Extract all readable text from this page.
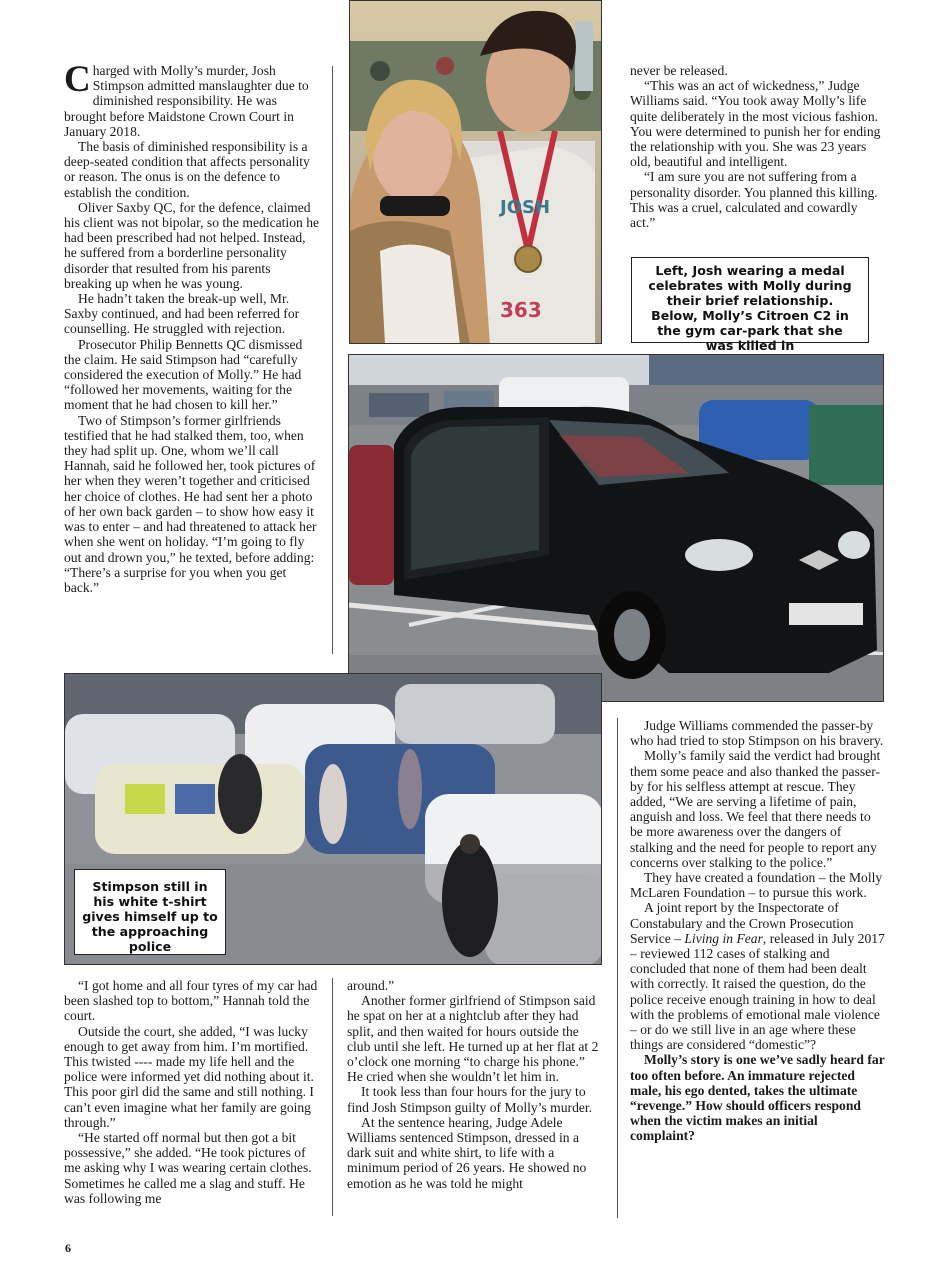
Charged with Molly’s murder, Josh Stimpson admitted manslaughter due to diminished responsibility. He was brought before Maidstone Crown Court in January 2018.

The basis of diminished responsibility is a deep-seated condition that affects personality or reason. The onus is on the defence to establish the condition.

Oliver Saxby QC, for the defence, claimed his client was not bipolar, so the medication he had been prescribed had not helped. Instead, he suffered from a borderline personality disorder that resulted from his parents breaking up when he was young.

He hadn’t taken the break-up well, Mr. Saxby continued, and had been referred for counselling. He struggled with rejection.

Prosecutor Philip Bennetts QC dismissed the claim. He said Stimpson had “carefully considered the execution of Molly.” He had “followed her movements, waiting for the moment that he had chosen to kill her.”

Two of Stimpson’s former girlfriends testified that he had stalked them, too, when they had split up. One, whom we’ll call Hannah, said he followed her, took pictures of her when they weren’t together and criticised her choice of clothes. He had sent her a photo of her own back garden – to show how easy it was to enter – and had threatened to attack her when she went on holiday. “I’m going to fly out and drown you,” he texted, before adding: “There’s a surprise for you when you get back.”

JOSH
363

never be released.

“This was an act of wickedness,” Judge Williams said. “You took away Molly’s life quite deliberately in the most vicious fashion. You were determined to punish her for ending the relationship with you. She was 23 years old, beautiful and intelligent.

“I am sure you are not suffering from a personality disorder. You planned this killing. This was a cruel, calculated and cowardly act.”

Left, Josh wearing a medal celebrates with Molly during their brief relationship. Below, Molly’s Citroen C2 in the gym car-park that she was killed in
Stimpson still in his white t-shirt gives himself up to the approaching police

Judge Williams commended the passer-by who had tried to stop Stimpson on his bravery.

Molly’s family said the verdict had brought them some peace and also thanked the passer-by for his selfless attempt at rescue. They added, “We are serving a lifetime of pain, anguish and loss. We feel that there needs to be more awareness over the dangers of stalking and the need for people to report any concerns over stalking to the police.”

They have created a foundation – the Molly McLaren Foundation – to pursue this work.

A joint report by the Inspectorate of Constabulary and the Crown Prosecution Service – Living in Fear, released in July 2017 – reviewed 112 cases of stalking and concluded that none of them had been dealt with correctly. It raised the question, do the police receive enough training in how to deal with the problems of emotional male violence – or do we still live in an age where these things are considered “domestic”?

Molly’s story is one we’ve sadly heard far too often before. An immature rejected male, his ego dented, takes the ultimate “revenge.” How should officers respond when the victim makes an initial complaint?

“I got home and all four tyres of my car had been slashed top to bottom,” Hannah told the court.

Outside the court, she added, “I was lucky enough to get away from him. I’m mortified. This twisted ---- made my life hell and the police were informed yet did nothing about it. This poor girl did the same and still nothing. I can’t even imagine what her family are going through.”

“He started off normal but then got a bit possessive,” she added. “He took pictures of me asking why I was wearing certain clothes. Sometimes he called me a slag and stuff. He was following me

around.”

Another former girlfriend of Stimpson said he spat on her at a nightclub after they had split, and then waited for hours outside the club until she left. He turned up at her flat at 2 o’clock one morning “to charge his phone.” He cried when she wouldn’t let him in.

It took less than four hours for the jury to find Josh Stimpson guilty of Molly’s murder.

At the sentence hearing, Judge Adele Williams sentenced Stimpson, dressed in a dark suit and white shirt, to life with a minimum period of 26 years. He showed no emotion as he was told he might

6
